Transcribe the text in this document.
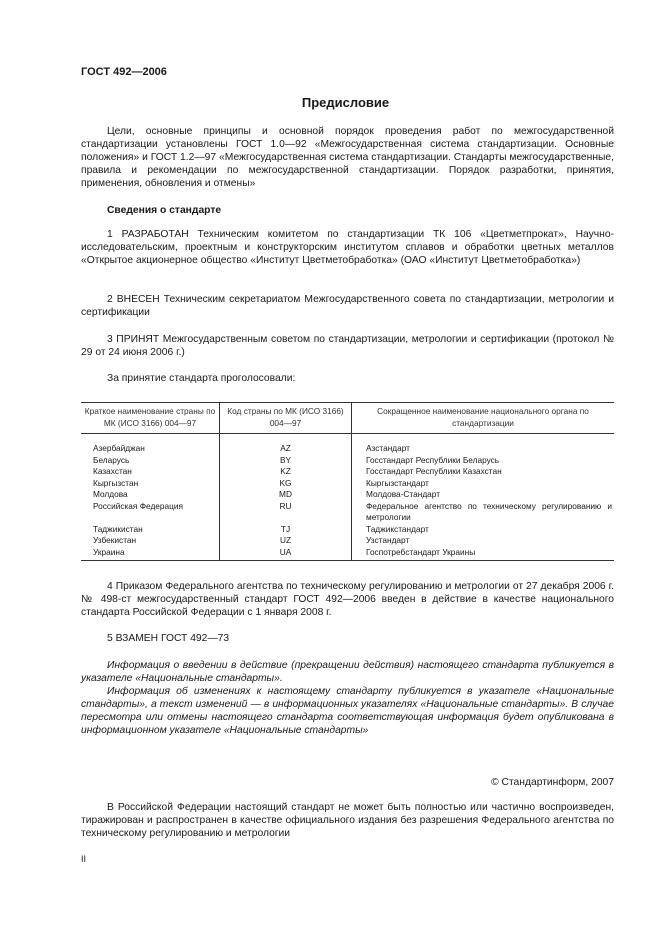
ГОСТ 492—2006
Предисловие
Цели, основные принципы и основной порядок проведения работ по межгосударственной стандартизации установлены ГОСТ 1.0—92 «Межгосударственная система стандартизации. Основные положения» и ГОСТ 1.2—97 «Межгосударственная система стандартизации. Стандарты межгосударственные, правила и рекомендации по межгосударственной стандартизации. Порядок разработки, принятия, применения, обновления и отмены»
Сведения о стандарте
1 РАЗРАБОТАН Техническим комитетом по стандартизации ТК 106 «Цветметпрокат», Научно-исследовательским, проектным и конструкторским институтом сплавов и обработки цветных металлов «Открытое акционерное общество «Институт Цветметобработка» (ОАО «Институт Цветметобработка»)
2 ВНЕСЕН Техническим секретариатом Межгосударственного совета по стандартизации, метрологии и сертификации
3 ПРИНЯТ Межгосударственным советом по стандартизации, метрологии и сертификации (протокол № 29 от 24 июня 2006 г.)
За принятие стандарта проголосовали:
Краткое наименование страны по МК (ИСО 3166) 004—97	Код страны по МК (ИСО 3166) 004—97	Сокращенное наименование национального органа по стандартизации
Азербайджан	AZ	Азстандарт
Беларусь	BY	Госстандарт Республики Беларусь
Казахстан	KZ	Госстандарт Республики Казахстан
Кыргызстан	KG	Кыргызстандарт
Молдова	MD	Молдова-Стандарт
Российская Федерация	RU	Федеральное агентство по техническому регулированию и метрологии
Таджикистан	TJ	Таджикстандарт
Узбекистан	UZ	Узстандарт
Украина	UA	Госпотребстандарт Украины
4 Приказом Федерального агентства по техническому регулированию и метрологии от 27 декабря 2006 г. № 498-ст межгосударственный стандарт ГОСТ 492—2006 введен в действие в качестве национального стандарта Российской Федерации с 1 января 2008 г.
5 ВЗАМЕН ГОСТ 492—73
Информация о введении в действие (прекращении действия) настоящего стандарта публикуется в указателе «Национальные стандарты».
Информация об изменениях к настоящему стандарту публикуется в указателе «Национальные стандарты», а текст изменений — в информационных указателях «Национальные стандарты». В случае пересмотра или отмены настоящего стандарта соответствующая информация будет опубликована в информационном указателе «Национальные стандарты»
© Стандартинформ, 2007
В Российской Федерации настоящий стандарт не может быть полностью или частично воспроизведен, тиражирован и распространен в качестве официального издания без разрешения Федерального агентства по техническому регулированию и метрологии
II
